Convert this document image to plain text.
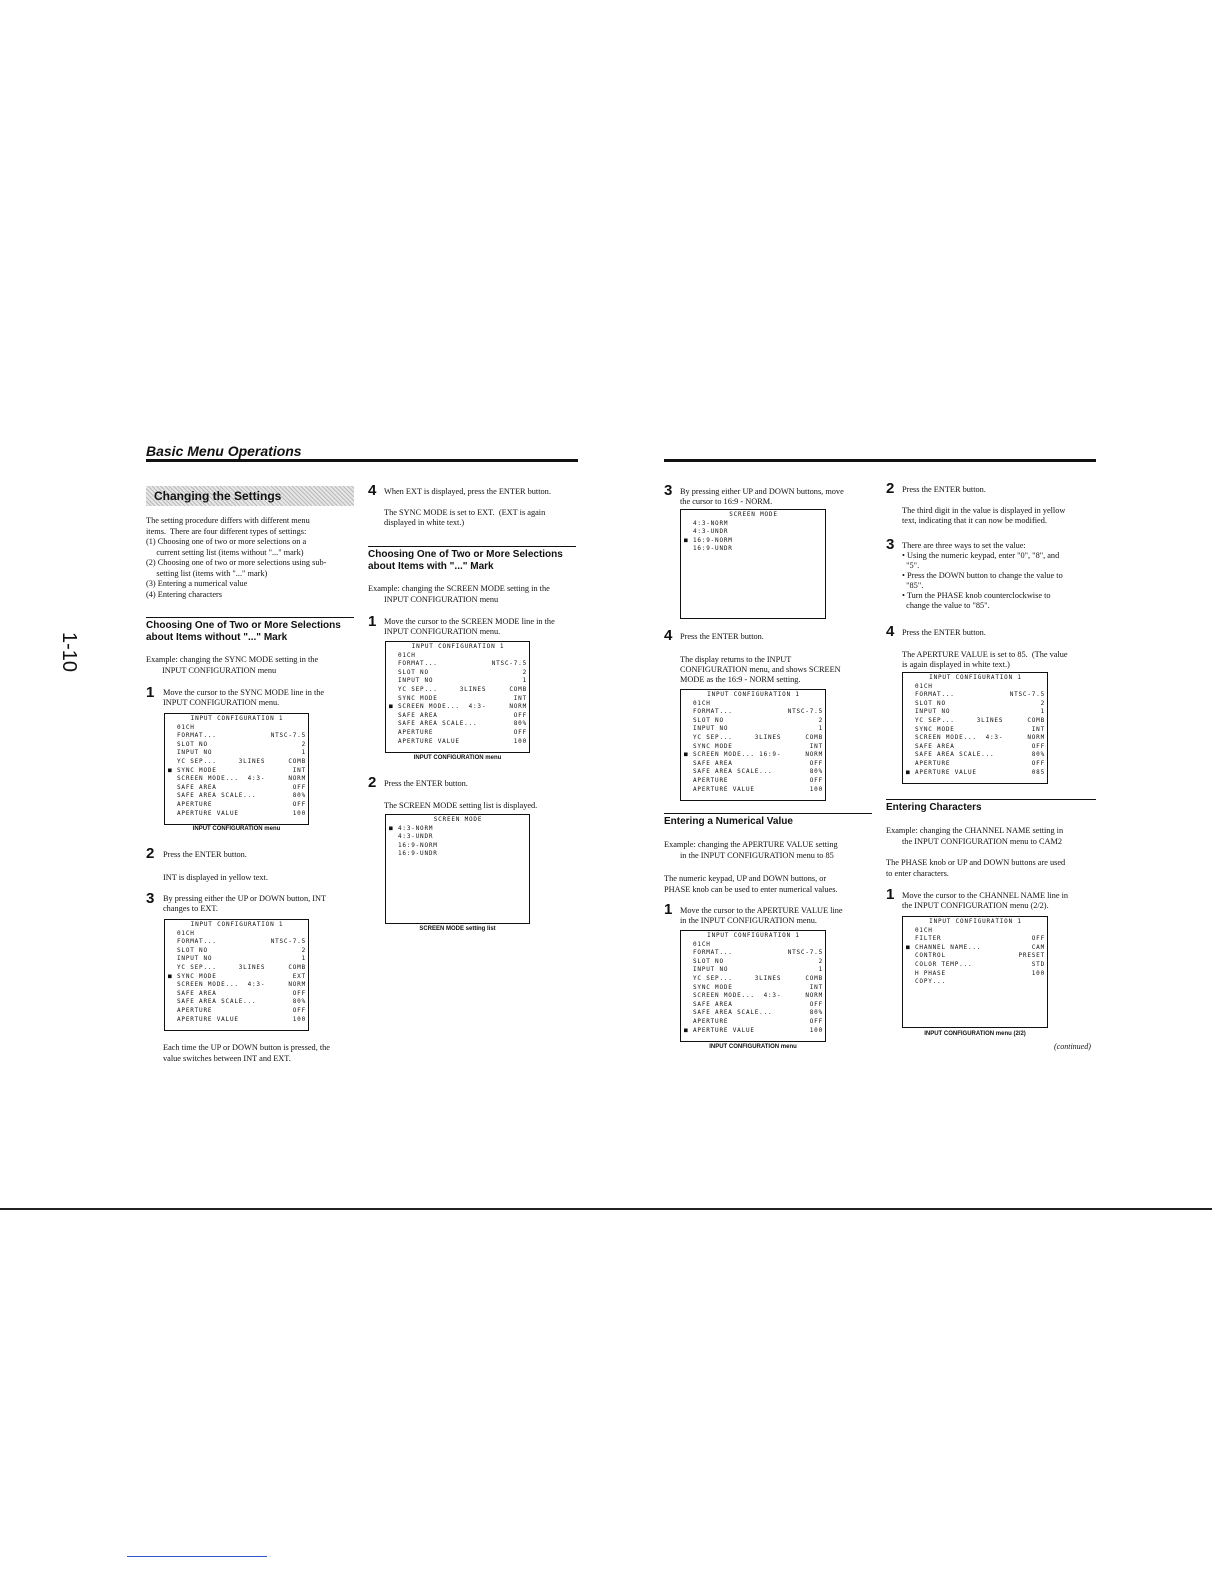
Basic Menu Operations
1-10
Changing the Settings
The setting procedure differs with different menu
items.  There are four different types of settings:
(1) Choosing one of two or more selections on a
current setting list (items without "..." mark)
(2) Choosing one of two or more selections using sub-
setting list (items with "..." mark)
(3) Entering a numerical value
(4) Entering characters
Choosing One of Two or More Selections
about Items without "..." Mark
Example: changing the SYNC MODE setting in the
INPUT CONFIGURATION menu
1 Move the cursor to the SYNC MODE line in the
INPUT CONFIGURATION menu.
INPUT CONFIGURATION 1
01CH
FORMAT...	NTSC-7.5
SLOT NO	2
INPUT NO	1
YC SEP...     3LINES	COMB
■ SYNC MODE	INT
SCREEN MODE...  4:3-	NORM
SAFE AREA	OFF
SAFE AREA SCALE...	80%
APERTURE	OFF
APERTURE VALUE	100
INPUT CONFIGURATION menu
2 Press the ENTER button.
INT is displayed in yellow text.
3 By pressing either the UP or DOWN button, INT
changes to EXT.
INPUT CONFIGURATION 1
01CH
FORMAT...	NTSC-7.5
SLOT NO	2
INPUT NO	1
YC SEP...     3LINES	COMB
■ SYNC MODE	EXT
SCREEN MODE...  4:3-	NORM
SAFE AREA	OFF
SAFE AREA SCALE...	80%
APERTURE	OFF
APERTURE VALUE	100
Each time the UP or DOWN button is pressed, the
value switches between INT and EXT.
4 When EXT is displayed, press the ENTER button.
The SYNC MODE is set to EXT.  (EXT is again
displayed in white text.)
Choosing One of Two or More Selections
about Items with "..." Mark
Example: changing the SCREEN MODE setting in the
INPUT CONFIGURATION menu
1 Move the cursor to the SCREEN MODE line in the
INPUT CONFIGURATION menu.
INPUT CONFIGURATION 1
01CH
FORMAT...	NTSC-7.5
SLOT NO	2
INPUT NO	1
YC SEP...     3LINES	COMB
SYNC MODE	INT
■ SCREEN MODE...  4:3-	NORM
SAFE AREA	OFF
SAFE AREA SCALE...	80%
APERTURE	OFF
APERTURE VALUE	100
INPUT CONFIGURATION menu
2 Press the ENTER button.
The SCREEN MODE setting list is displayed.
SCREEN MODE
■ 4:3-NORM
4:3-UNDR
16:9-NORM
16:9-UNDR
SCREEN MODE setting list
3 By pressing either UP and DOWN buttons, move
the cursor to 16:9 - NORM.
SCREEN MODE
4:3-NORM
4:3-UNDR
■ 16:9-NORM
16:9-UNDR
4 Press the ENTER button.
The display returns to the INPUT
CONFIGURATION menu, and shows SCREEN
MODE as the 16:9 - NORM setting.
INPUT CONFIGURATION 1
01CH
FORMAT...	NTSC-7.5
SLOT NO	2
INPUT NO	1
YC SEP...     3LINES	COMB
SYNC MODE	INT
■ SCREEN MODE... 16:9-	NORM
SAFE AREA	OFF
SAFE AREA SCALE...	80%
APERTURE	OFF
APERTURE VALUE	100
Entering a Numerical Value
Example: changing the APERTURE VALUE setting
in the INPUT CONFIGURATION menu to 85
The numeric keypad, UP and DOWN buttons, or
PHASE knob can be used to enter numerical values.
1 Move the cursor to the APERTURE VALUE line
in the INPUT CONFIGURATION menu.
INPUT CONFIGURATION 1
01CH
FORMAT...	NTSC-7.5
SLOT NO	2
INPUT NO	1
YC SEP...     3LINES	COMB
SYNC MODE	INT
SCREEN MODE...  4:3-	NORM
SAFE AREA	OFF
SAFE AREA SCALE...	80%
APERTURE	OFF
■ APERTURE VALUE	100
INPUT CONFIGURATION menu
2 Press the ENTER button.
The third digit in the value is displayed in yellow
text, indicating that it can now be modified.
3 There are three ways to set the value:
• Using the numeric keypad, enter "0", "8", and
"5".
• Press the DOWN button to change the value to
"85".
• Turn the PHASE knob counterclockwise to
change the value to "85".
4 Press the ENTER button.
The APERTURE VALUE is set to 85.  (The value
is again displayed in white text.)
INPUT CONFIGURATION 1
01CH
FORMAT...	NTSC-7.5
SLOT NO	2
INPUT NO	1
YC SEP...     3LINES	COMB
SYNC MODE	INT
SCREEN MODE...  4:3-	NORM
SAFE AREA	OFF
SAFE AREA SCALE...	80%
APERTURE	OFF
■ APERTURE VALUE	085
Entering Characters
Example: changing the CHANNEL NAME setting in
the INPUT CONFIGURATION menu to CAM2
The PHASE knob or UP and DOWN buttons are used
to enter characters.
1 Move the cursor to the CHANNEL NAME line in
the INPUT CONFIGURATION menu (2/2).
INPUT CONFIGURATION 1
01CH
FILTER	OFF
■ CHANNEL NAME...	CAM
CONTROL	PRESET
COLOR TEMP...	STD
H PHASE	100
COPY...
INPUT CONFIGURATION menu (2/2)
(continued)
